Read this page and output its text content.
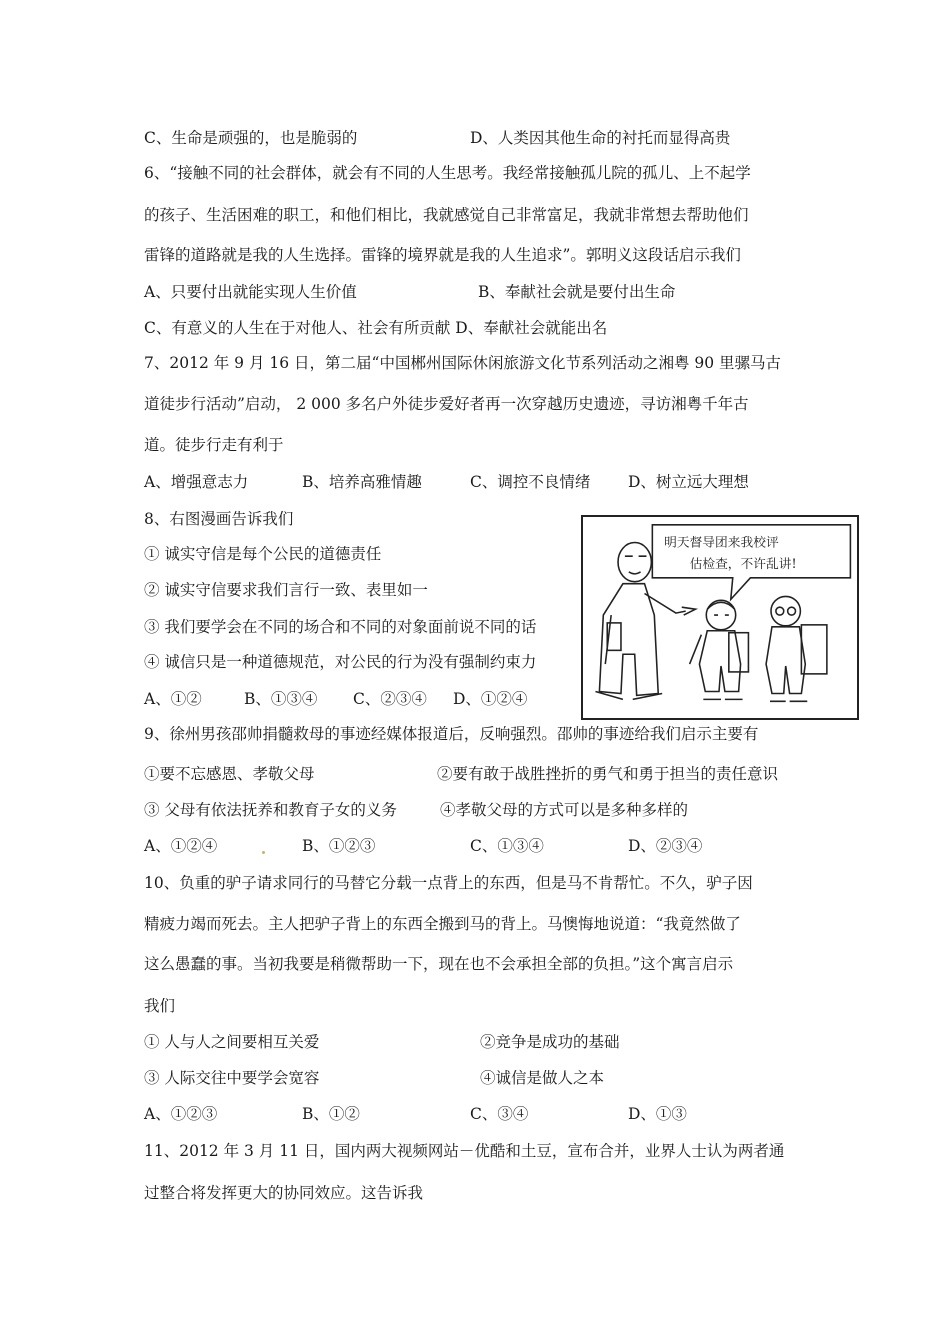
C、生命是顽强的，也是脆弱的	D、人类因其他生命的衬托而显得高贵
6、“接触不同的社会群体，就会有不同的人生思考。我经常接触孤儿院的孤儿、上不起学
的孩子、生活困难的职工，和他们相比，我就感觉自己非常富足，我就非常想去帮助他们
雷锋的道路就是我的人生选择。雷锋的境界就是我的人生追求”。郭明义这段话启示我们
A、只要付出就能实现人生价值	B、奉献社会就是要付出生命
C、有意义的人生在于对他人、社会有所贡献 D、奉献社会就能出名
7、2012 年 9 月 16 日，第二届“中国郴州国际休闲旅游文化节系列活动之湘粤 90 里骡马古
道徒步行活动”启动， 2 000 多名户外徒步爱好者再一次穿越历史遗迹，寻访湘粤千年古
道。徒步行走有利于
A、增强意志力	B、培养高雅情趣	C、调控不良情绪 D、树立远大理想
8、右图漫画告诉我们
① 诚实守信是每个公民的道德责任
② 诚实守信要求我们言行一致、表里如一
③ 我们要学会在不同的场合和不同的对象面前说不同的话
④ 诚信只是一种道德规范，对公民的行为没有强制约束力
A、①②	B、①③④ C、②③④ D、①②④
明天督导团来我校评
估检查，不许乱讲!
9、徐州男孩邵帅捐髓救母的事迹经媒体报道后，反响强烈。邵帅的事迹给我们启示主要有
①要不忘感恩、孝敬父母	②要有敢于战胜挫折的勇气和勇于担当的责任意识
③ 父母有依法抚养和教育子女的义务	④孝敬父母的方式可以是多种多样的
A、①②④	B、①②③	C、①③④	D、②③④
10、负重的驴子请求同行的马替它分载一点背上的东西，但是马不肯帮忙。不久，驴子因
精疲力竭而死去。主人把驴子背上的东西全搬到马的背上。马懊悔地说道：“我竟然做了
这么愚蠢的事。当初我要是稍微帮助一下，现在也不会承担全部的负担。”这个寓言启示
我们
① 人与人之间要相互关爱	②竞争是成功的基础
③ 人际交往中要学会宽容	④诚信是做人之本
A、①②③	B、①②	C、③④	D、①③
11、2012 年 3 月 11 日，国内两大视频网站－优酷和土豆，宣布合并，业界人士认为两者通
过整合将发挥更大的协同效应。这告诉我
